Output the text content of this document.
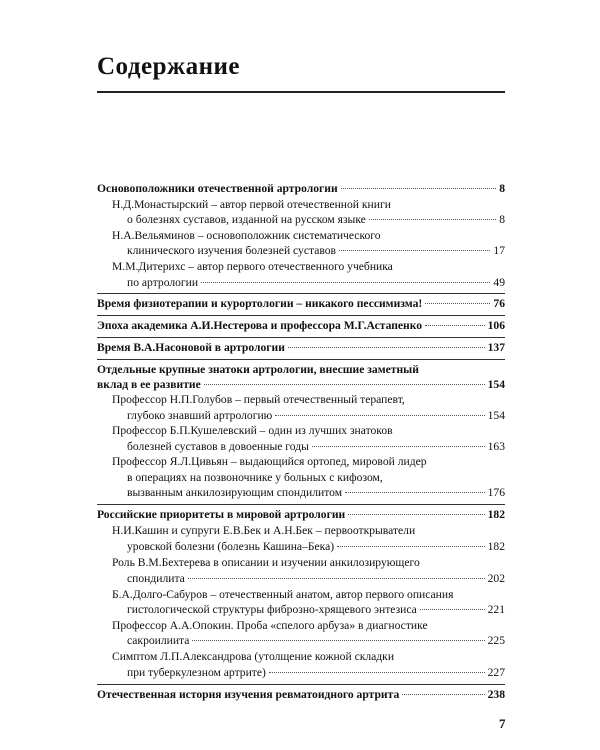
Содержание
Основоположники отечественной артрологии	8
Н.Д.Монастырский – автор первой отечественной книги
о болезнях суставов, изданной на русском языке	8
Н.А.Вельяминов – основоположник систематического
клинического изучения болезней суставов	17
М.М.Дитерихс – автор первого отечественного учебника
по артрологии	49
Время физиотерапии и курортологии – никакого пессимизма!	76
Эпоха академика А.И.Нестерова и профессора М.Г.Астапенко	106
Время В.А.Насоновой в артрологии	137
Отдельные крупные знатоки артрологии, внесшие заметный
вклад в ее развитие	154
Профессор Н.П.Голубов – первый отечественный терапевт,
глубоко знавший артрологию	154
Профессор Б.П.Кушелевский – один из лучших знатоков
болезней суставов в довоенные годы	163
Профессор Я.Л.Цивьян – выдающийся ортопед, мировой лидер
в операциях на позвоночнике у больных с кифозом,
вызванным анкилозирующим спондилитом	176
Российские приоритеты в мировой артрологии	182
Н.И.Кашин и супруги Е.В.Бек и А.Н.Бек – первооткрыватели
уровской болезни (болезнь Кашина–Бека)	182
Роль В.М.Бехтерева в описании и изучении анкилозирующего
спондилита	202
Б.А.Долго-Сабуров – отечественный анатом, автор первого описания
гистологической структуры фиброзно-хрящевого энтезиса	221
Профессор А.А.Опокин. Проба «спелого арбуза» в диагностике
сакроилиита	225
Симптом Л.П.Александрова (утолщение кожной складки
при туберкулезном артрите)	227
Отечественная история изучения ревматоидного артрита	238
7
